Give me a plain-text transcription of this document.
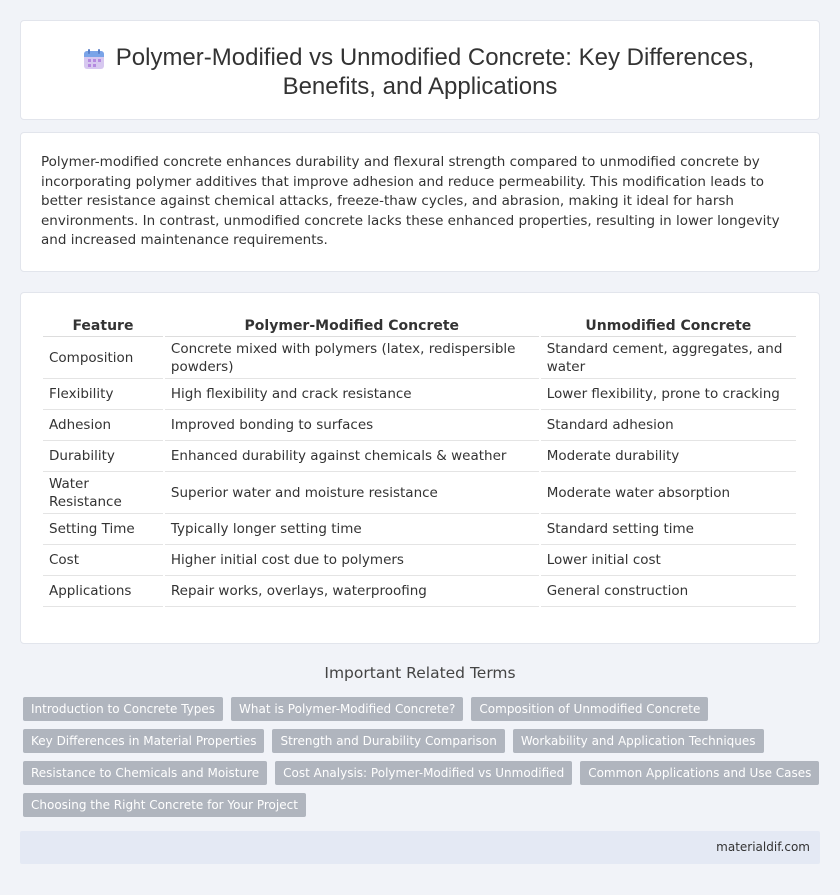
Polymer-Modified vs Unmodified Concrete: Key Differences,
Benefits, and Applications

Polymer-modified concrete enhances durability and flexural strength compared to unmodified concrete by incorporating polymer additives that improve adhesion and reduce permeability. This modification leads to better resistance against chemical attacks, freeze-thaw cycles, and abrasion, making it ideal for harsh environments. In contrast, unmodified concrete lacks these enhanced properties, resulting in lower longevity and increased maintenance requirements.

Feature	Polymer-Modified Concrete	Unmodified Concrete
Composition	Concrete mixed with polymers (latex, redispersible powders)	Standard cement, aggregates, and water
Flexibility	High flexibility and crack resistance	Lower flexibility, prone to cracking
Adhesion	Improved bonding to surfaces	Standard adhesion
Durability	Enhanced durability against chemicals & weather	Moderate durability
Water Resistance	Superior water and moisture resistance	Moderate water absorption
Setting Time	Typically longer setting time	Standard setting time
Cost	Higher initial cost due to polymers	Lower initial cost
Applications	Repair works, overlays, waterproofing	General construction
Important Related Terms
Introduction to Concrete Types	What is Polymer-Modified Concrete?	Composition of Unmodified Concrete
Key Differences in Material Properties	Strength and Durability Comparison	Workability and Application Techniques
Resistance to Chemicals and Moisture	Cost Analysis: Polymer-Modified vs Unmodified	Common Applications and Use Cases
Choosing the Right Concrete for Your Project
materialdif.com
